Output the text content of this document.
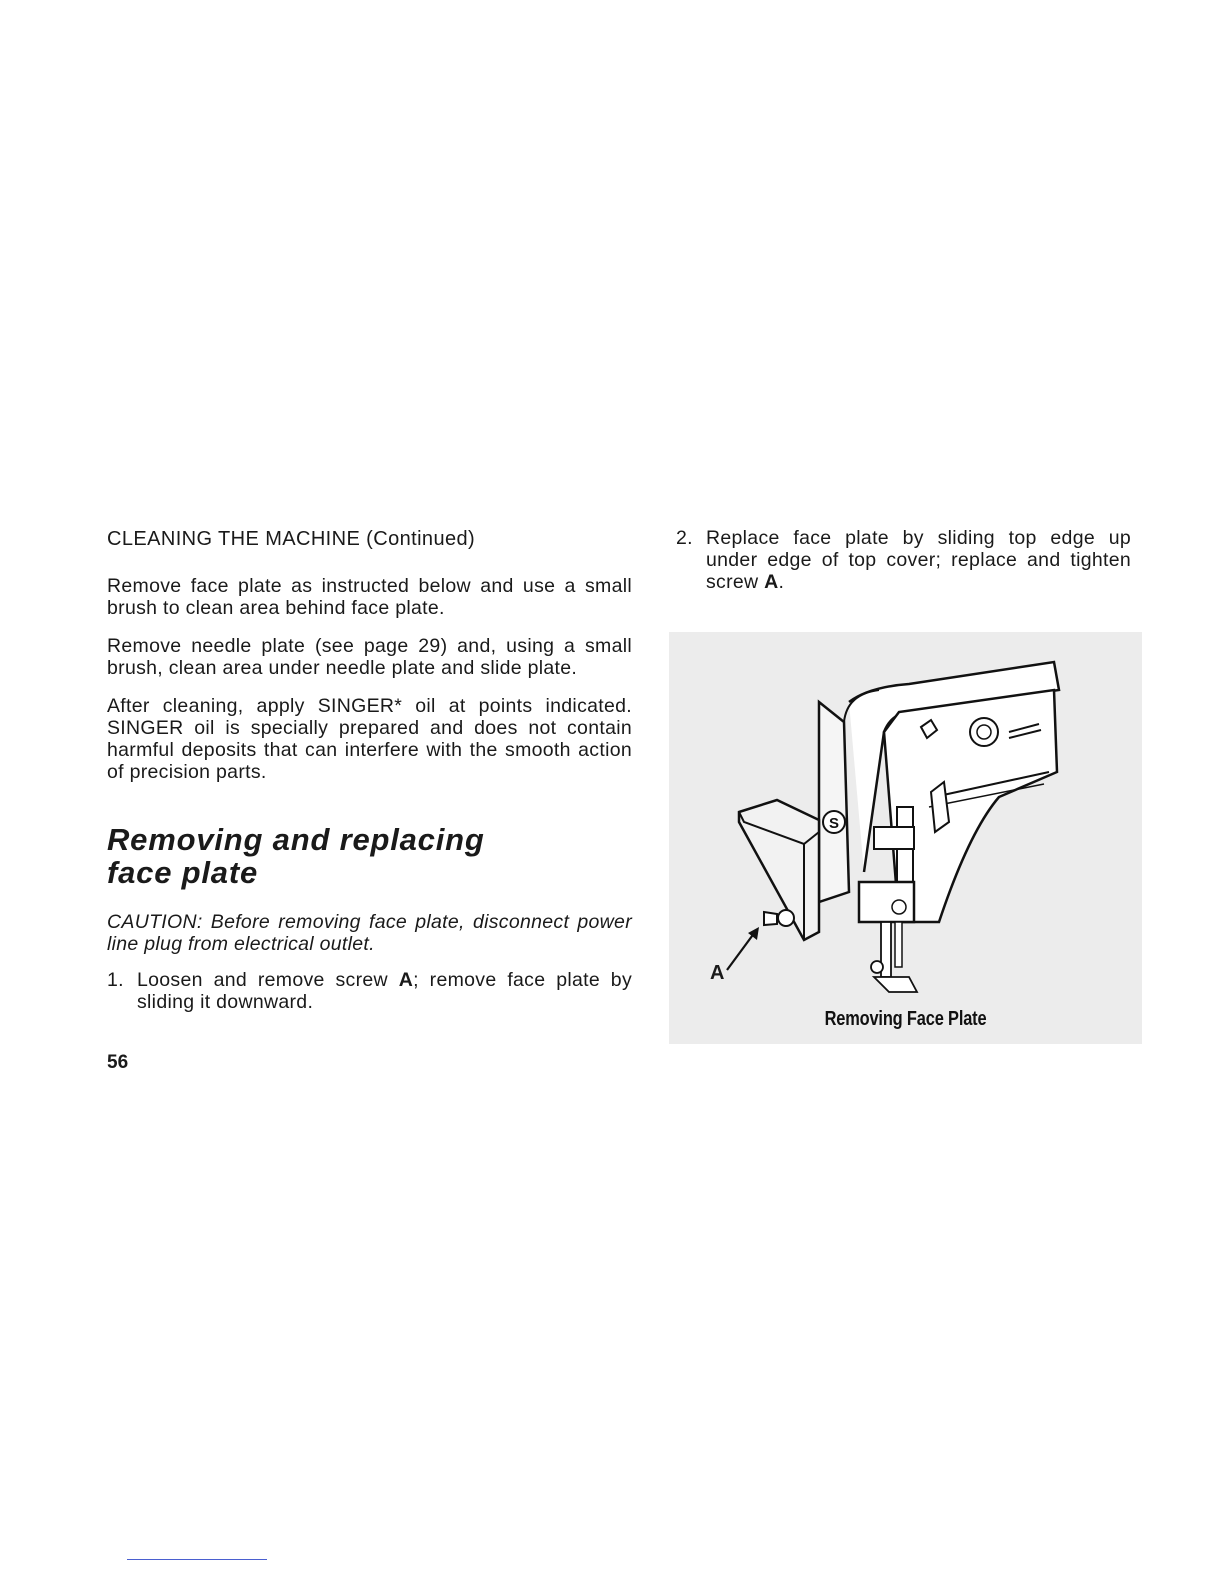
CLEANING THE MACHINE (Continued)

Remove face plate as instructed below and use a small brush to clean area behind face plate.

Remove needle plate (see page 29) and, using a small brush, clean area under needle plate and slide plate.

After cleaning, apply SINGER* oil at points indicated. SINGER oil is specially prepared and does not contain harmful deposits that can interfere with the smooth action of precision parts.

Removing and replacing
face plate

CAUTION: Before removing face plate, disconnect power line plug from electrical outlet.

1. Loosen and remove screw A; remove face plate by sliding it downward.
56
2. Replace face plate by sliding top edge up under edge of top cover; replace and tighten screw A.
S
A
Removing Face Plate
